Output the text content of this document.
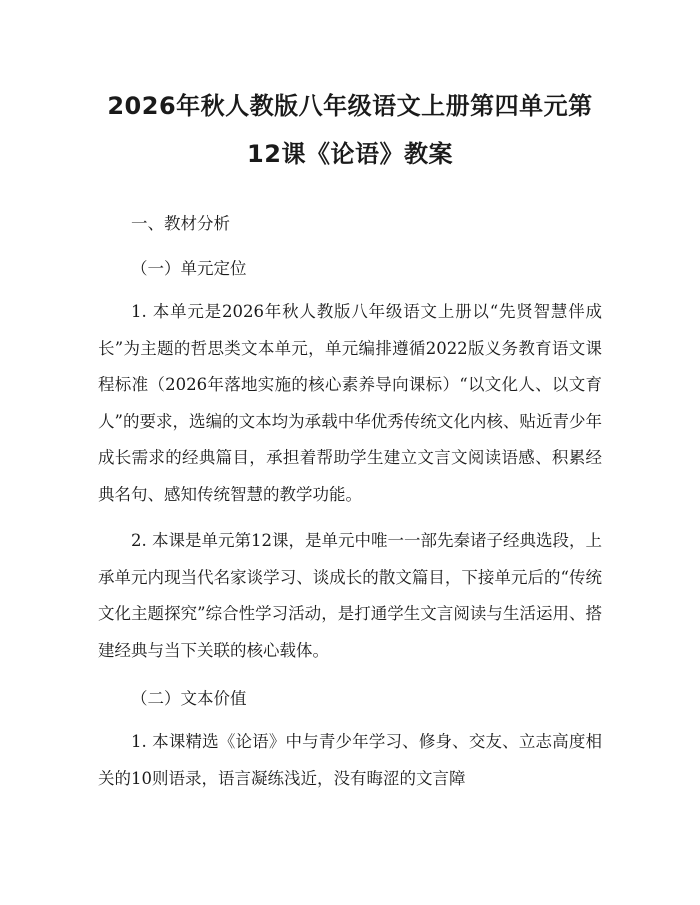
2026年秋人教版八年级语文上册第四单元第
12课《论语》教案

一、教材分析

（一）单元定位

1. 本单元是2026年秋人教版八年级语文上册以“先贤智慧伴成长”为主题的哲思类文本单元，单元编排遵循2022版义务教育语文课程标准（2026年落地实施的核心素养导向课标）“以文化人、以文育人”的要求，选编的文本均为承载中华优秀传统文化内核、贴近青少年成长需求的经典篇目，承担着帮助学生建立文言文阅读语感、积累经典名句、感知传统智慧的教学功能。

2. 本课是单元第12课，是单元中唯一一部先秦诸子经典选段，上承单元内现当代名家谈学习、谈成长的散文篇目，下接单元后的“传统文化主题探究”综合性学习活动，是打通学生文言阅读与生活运用、搭建经典与当下关联的核心载体。

（二）文本价值

1. 本课精选《论语》中与青少年学习、修身、交友、立志高度相关的10则语录，语言凝练浅近，没有晦涩的文言障
